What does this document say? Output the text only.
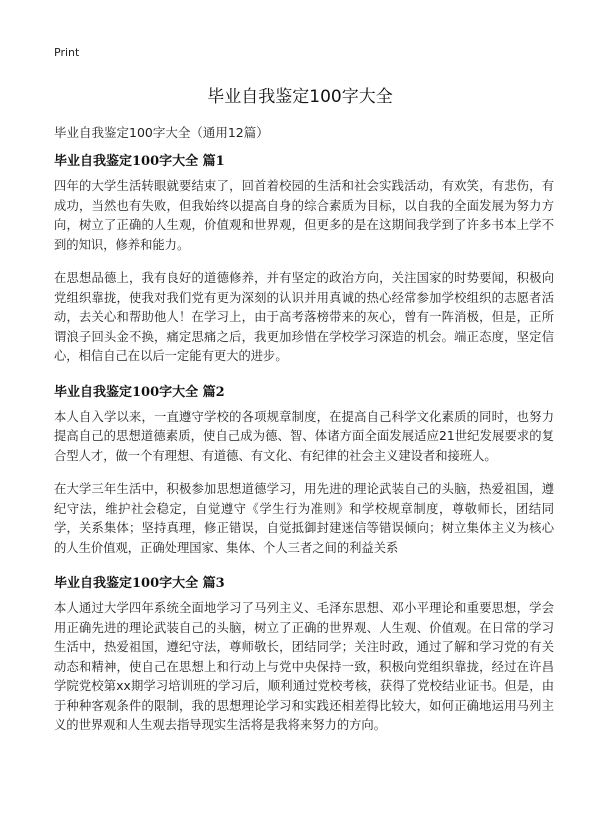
Print
毕业自我鉴定100字大全
毕业自我鉴定100字大全（通用12篇）
毕业自我鉴定100字大全 篇1

四年的大学生活转眼就要结束了，回首着校园的生活和社会实践活动，有欢笑，有悲伤，有成功，当然也有失败，但我始终以提高自身的综合素质为目标，以自我的全面发展为努力方向，树立了正确的人生观，价值观和世界观，但更多的是在这期间我学到了许多书本上学不到的知识，修养和能力。

在思想品德上，我有良好的道德修养，并有坚定的政治方向，关注国家的时势要闻，积极向党组织靠拢，使我对我们党有更为深刻的认识并用真诚的热心经常参加学校组织的志愿者活动，去关心和帮助他人！在学习上，由于高考落榜带来的灰心，曾有一阵消极，但是，正所谓浪子回头金不换，痛定思痛之后，我更加珍惜在学校学习深造的机会。端正态度，坚定信心，相信自己在以后一定能有更大的进步。

毕业自我鉴定100字大全 篇2

本人自入学以来，一直遵守学校的各项规章制度，在提高自己科学文化素质的同时，也努力提高自己的思想道德素质，使自己成为德、智、体诸方面全面发展适应21世纪发展要求的复合型人才，做一个有理想、有道德、有文化、有纪律的社会主义建设者和接班人。

在大学三年生活中，积极参加思想道德学习，用先进的理论武装自己的头脑，热爱祖国，遵纪守法，维护社会稳定，自觉遵守《学生行为准则》和学校规章制度，尊敬师长，团结同学，关系集体；坚持真理，修正错误，自觉抵御封建迷信等错误倾向；树立集体主义为核心的人生价值观，正确处理国家、集体、个人三者之间的利益关系

毕业自我鉴定100字大全 篇3

本人通过大学四年系统全面地学习了马列主义、毛泽东思想、邓小平理论和重要思想，学会用正确先进的理论武装自己的头脑，树立了正确的世界观、人生观、价值观。在日常的学习生活中，热爱祖国，遵纪守法，尊师敬长，团结同学；关注时政，通过了解和学习党的有关动态和精神，使自己在思想上和行动上与党中央保持一致，积极向党组织靠拢，经过在许昌学院党校第xx期学习培训班的学习后，顺利通过党校考核，获得了党校结业证书。但是，由于种种客观条件的限制，我的思想理论学习和实践还相差得比较大，如何正确地运用马列主义的世界观和人生观去指导现实生活将是我将来努力的方向。
